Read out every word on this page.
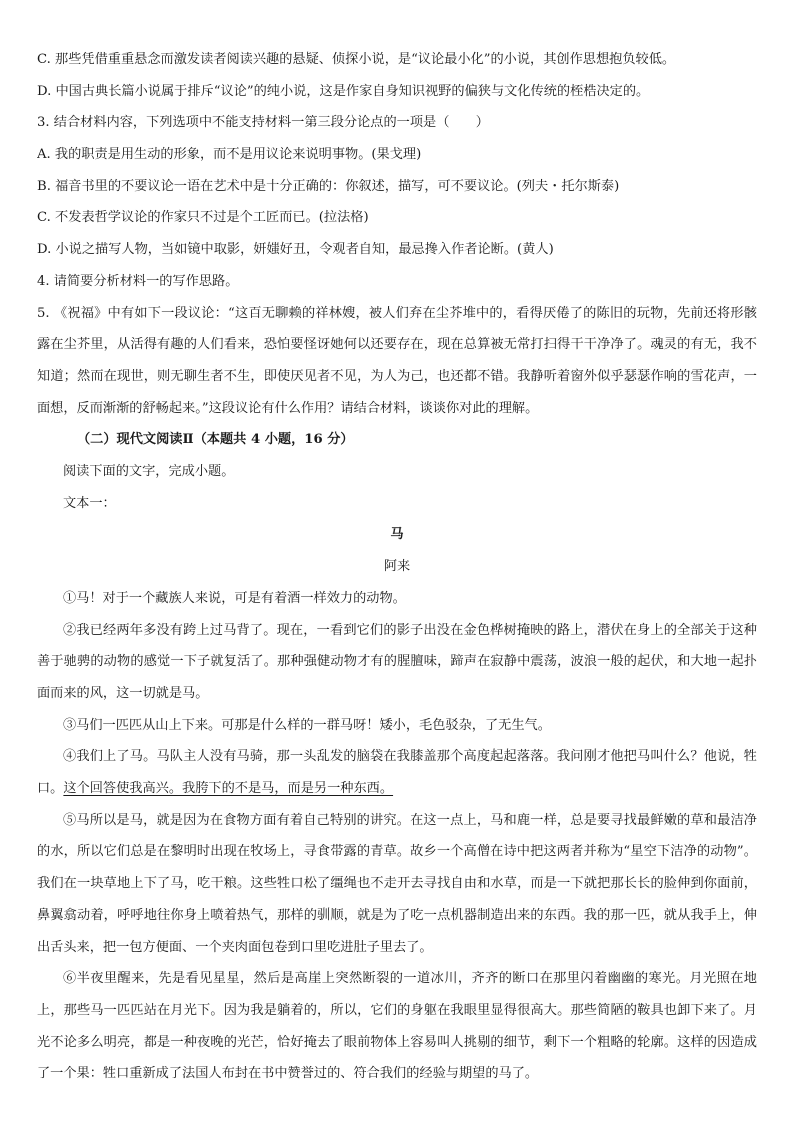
C. 那些凭借重重悬念而激发读者阅读兴趣的悬疑、侦探小说，是“议论最小化”的小说，其创作思想抱负较低。
D. 中国古典长篇小说属于排斥“议论”的纯小说，这是作家自身知识视野的偏狭与文化传统的桎梏决定的。
3. 结合材料内容，下列选项中不能支持材料一第三段分论点的一项是（　　）
A. 我的职责是用生动的形象，而不是用议论来说明事物。(果戈理)
B. 福音书里的不要议论一语在艺术中是十分正确的：你叙述，描写，可不要议论。(列夫・托尔斯泰)
C. 不发表哲学议论的作家只不过是个工匠而已。(拉法格)
D. 小说之描写人物，当如镜中取影，妍媸好丑，令观者自知，最忌搀入作者论断。(黄人)
4. 请简要分析材料一的写作思路。
5. 《祝福》中有如下一段议论：“这百无聊赖的祥林嫂，被人们弃在尘芥堆中的，看得厌倦了的陈旧的玩物，先前还将形骸露在尘芥里，从活得有趣的人们看来，恐怕要怪讶她何以还要存在，现在总算被无常打扫得干干净净了。魂灵的有无，我不知道；然而在现世，则无聊生者不生，即使厌见者不见，为人为己，也还都不错。我静听着窗外似乎瑟瑟作响的雪花声，一面想，反而渐渐的舒畅起来。”这段议论有什么作用？请结合材料，谈谈你对此的理解。
（二）现代文阅读Ⅱ（本题共 4 小题，16 分）
阅读下面的文字，完成小题。
文本一：
马
阿来
①马！对于一个藏族人来说，可是有着酒一样效力的动物。
②我已经两年多没有跨上过马背了。现在，一看到它们的影子出没在金色桦树掩映的路上，潜伏在身上的全部关于这种善于驰骋的动物的感觉一下子就复活了。那种强健动物才有的腥膻味，蹄声在寂静中震荡，波浪一般的起伏，和大地一起扑面而来的风，这一切就是马。
③马们一匹匹从山上下来。可那是什么样的一群马呀！矮小，毛色驳杂，了无生气。
④我们上了马。马队主人没有马骑，那一头乱发的脑袋在我膝盖那个高度起起落落。我问刚才他把马叫什么？他说，牲口。这个回答使我高兴。我胯下的不是马，而是另一种东西。
⑤马所以是马，就是因为在食物方面有着自己特别的讲究。在这一点上，马和鹿一样，总是要寻找最鲜嫩的草和最洁净的水，所以它们总是在黎明时出现在牧场上，寻食带露的青草。故乡一个高僧在诗中把这两者并称为“星空下洁净的动物”。我们在一块草地上下了马，吃干粮。这些牲口松了缰绳也不走开去寻找自由和水草，而是一下就把那长长的脸伸到你面前，鼻翼翕动着，呼呼地往你身上喷着热气，那样的驯顺，就是为了吃一点机器制造出来的东西。我的那一匹，就从我手上，伸出舌头来，把一包方便面、一个夹肉面包卷到口里吃进肚子里去了。
⑥半夜里醒来，先是看见星星，然后是高崖上突然断裂的一道冰川，齐齐的断口在那里闪着幽幽的寒光。月光照在地上，那些马一匹匹站在月光下。因为我是躺着的，所以，它们的身躯在我眼里显得很高大。那些简陋的鞍具也卸下来了。月光不论多么明亮，都是一种夜晚的光芒，恰好掩去了眼前物体上容易叫人挑剔的细节，剩下一个粗略的轮廓。这样的因造成了一个果：牲口重新成了法国人布封在书中赞誉过的、符合我们的经验与期望的马了。
